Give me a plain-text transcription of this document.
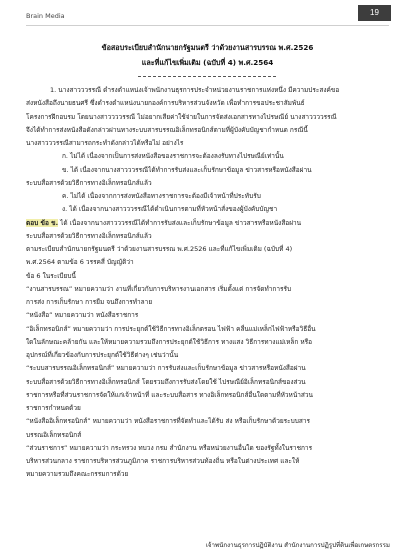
Brain Media	19
ข้อสอบระเบียบสำนักนายกรัฐมนตรี ว่าด้วยงานสารบรรณ พ.ศ.2526
และที่แก้ไขเพิ่มเติม (ฉบับที่ 4) พ.ศ.2564

1. นางสาวววรรณี ดำรงตำแหน่งเจ้าพนักงานธุรการประจำหน่วยงานราชการแห่งหนึ่ง มีความประสงค์ขอ

ส่งหนังสือถึงนายธนศรี ซึ่งดำรงตำแหน่งนายกองค์การบริหารส่วนจังหวัด เพื่อทำการขอประชาสัมพันธ์

โครงการฝึกอบรม โดยนางสาววววรรณี ไม่อยากเสียค่าใช้จ่ายในการจัดส่งเอกสารทางไปรษณีย์ นางสาววววรรณี

จึงได้ทำการส่งหนังสือดังกล่าวผ่านทางระบบสารบรรณอิเล็กทรอนิกส์ตามที่ผู้บังคับบัญชากำหนด กรณีนี้

นางสาวววรรณีสามารถกระทำดังกล่าวได้หรือไม่ อย่างไร

ก. ไม่ได้ เนื่องจากเป็นการส่งหนังสือของราชการจะต้องลงรับทางไปรษณีย์เท่านั้น

ข. ได้ เนื่องจากนางสาวววรรณีได้ทำการรับส่งและเก็บรักษาข้อมูล ข่าวสารหรือหนังสือผ่าน

ระบบสื่อสารด้วยวิธีการทางอิเล็กทรอนิกส์แล้ว

ค. ไม่ได้ เนื่องจากการส่งหนังสือทางราชการจะต้องมีเจ้าหน้าที่ประทับรับ

ง. ได้ เนื่องจากนางสาวววรรณีได้ดำเนินการตามที่หัวหน้าสั่งของผู้บังคับบัญชา

ตอบ ข้อ ข. ได้ เนื่องจากนางสาวววรรณีได้ทำการรับส่งและเก็บรักษาข้อมูล ข่าวสารหรือหนังสือผ่าน

ระบบสื่อสารด้วยวิธีการทางอิเล็กทรอนิกส์แล้ว

ตามระเบียบสำนักนายกรัฐมนตรี ว่าด้วยงานสารบรรณ พ.ศ.2526 และที่แก้ไขเพิ่มเติม (ฉบับที่ 4)

พ.ศ.2564 ตามข้อ 6 วรรคสี่ บัญญัติว่า

ข้อ 6 ในระเบียบนี้

“งานสารบรรณ” หมายความว่า งานที่เกี่ยวกับการบริหารงานเอกสาร เริ่มตั้งแต่ การจัดทำการรับ

การส่ง การเก็บรักษา การยืม จนถึงการทำลาย

“หนังสือ” หมายความว่า หนังสือราชการ

“อิเล็กทรอนิกส์” หมายความว่า การประยุกต์ใช้วิธีการทางอิเล็กตรอน ไฟฟ้า คลื่นแม่เหล็กไฟฟ้าหรือวิธีอื่น

ใดในลักษณะคล้ายกัน และให้หมายความรวมถึงการประยุกต์ใช้วิธีการ ทางแสง วิธีการทางแม่เหล็ก หรือ

อุปกรณ์ที่เกี่ยวข้องกับการประยุกต์ใช้วิธีต่างๆ เช่นว่านั้น

“ระบบสารบรรณอิเล็กทรอนิกส์” หมายความว่า การรับส่งและเก็บรักษาข้อมูล ข่าวสารหรือหนังสือผ่าน

ระบบสื่อสารด้วยวิธีการทางอิเล็กทรอนิกส์ โดยรวมถึงการรับส่งโดยใช้ ไปรษณีย์อิเล็กทรอนิกส์ของส่วน

ราชการหรือที่ส่วนราชการจัดให้แก่เจ้าหน้าที่ และระบบสื่อสาร ทางอิเล็กทรอนิกส์อื่นใดตามที่หัวหน้าส่วน

ราชการกำหนดด้วย

“หนังสืออิเล็กทรอนิกส์” หมายความว่า หนังสือราชการที่จัดทำและได้รับ ส่ง หรือเก็บรักษาด้วยระบบสาร

บรรณอิเล็กทรอนิกส์

“ส่วนราชการ” หมายความว่า กระทรวง ทบวง กรม สำนักงาน หรือหน่วยงานอื่นใด ของรัฐทั้งในราชการ

บริหารส่วนกลาง ราชการบริหารส่วนภูมิภาค ราชการบริหารส่วนท้องถิ่น หรือในต่างประเทศ และให้

หมายความรวมถึงคณะกรรมการด้วย

เจ้าพนักงานธุรการปฏิบัติงาน สำนักงานการปฏิรูปที่ดินเพื่อเกษตรกรรม
